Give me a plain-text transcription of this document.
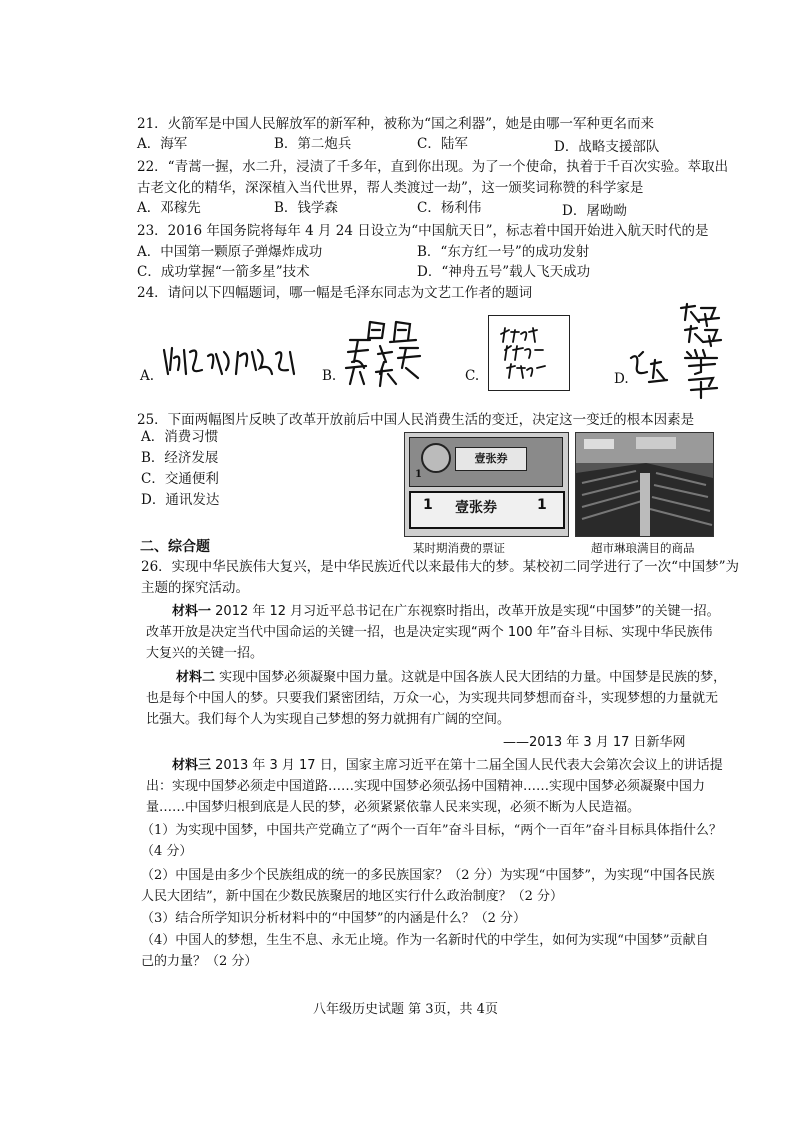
21．火箭军是中国人民解放军的新军种，被称为“国之利器”，她是由哪一军种更名而来
A．海军	B．第二炮兵	C．陆军	D．战略支援部队
22．“青蒿一握，水二升，浸渍了千多年，直到你出现。为了一个使命，执着于千百次实验。萃取出
古老文化的精华，深深植入当代世界，帮人类渡过一劫”，这一颁奖词称赞的科学家是
A．邓稼先	B．钱学森	C．杨利伟	D．屠呦呦
23．2016 年国务院将每年 4 月 24 日设立为“中国航天日”，标志着中国开始进入航天时代的是
A．中国第一颗原子弹爆炸成功	B．“东方红一号”的成功发射
C．成功掌握“一箭多星”技术	D．“神舟五号”载人飞天成功
24．请问以下四幅题词，哪一幅是毛泽东同志为文艺工作者的题词
A.	B.	C.	D.
25．下面两幅图片反映了改革开放前后中国人民消费生活的变迁，决定这一变迁的根本因素是
A．消费习惯
B．经济发展
C．交通便利
D．通讯发达
壹张券
1
1 壹张券	1
某时期消费的票证	超市琳琅满目的商品
二、综合题
26．实现中华民族伟大复兴，是中华民族近代以来最伟大的梦。某校初二同学进行了一次“中国梦”为
主题的探究活动。
材料一 2012 年 12 月习近平总书记在广东视察时指出，改革开放是实现“中国梦”的关键一招。
改革开放是决定当代中国命运的关键一招，也是决定实现“两个 100 年”奋斗目标、实现中华民族伟
大复兴的关键一招。
材料二 实现中国梦必须凝聚中国力量。这就是中国各族人民大团结的力量。中国梦是民族的梦，
也是每个中国人的梦。只要我们紧密团结，万众一心，为实现共同梦想而奋斗，实现梦想的力量就无
比强大。我们每个人为实现自己梦想的努力就拥有广阔的空间。
——2013 年 3 月 17 日新华网
材料三 2013 年 3 月 17 日，国家主席习近平在第十二届全国人民代表大会第次会议上的讲话提
出：实现中国梦必须走中国道路……实现中国梦必须弘扬中国精神……实现中国梦必须凝聚中国力
量……中国梦归根到底是人民的梦，必须紧紧依靠人民来实现，必须不断为人民造福。
（1）为实现中国梦，中国共产党确立了“两个一百年”奋斗目标，“两个一百年”奋斗目标具体指什么？
（4 分）
（2）中国是由多少个民族组成的统一的多民族国家？（2 分）为实现“中国梦”，为实现“中国各民族
人民大团结”，新中国在少数民族聚居的地区实行什么政治制度？（2 分）
（3）结合所学知识分析材料中的“中国梦”的内涵是什么？（2 分）
（4）中国人的梦想，生生不息、永无止境。作为一名新时代的中学生，如何为实现“中国梦”贡献自
己的力量？（2 分）
八年级历史试题 第 3页，共 4页
